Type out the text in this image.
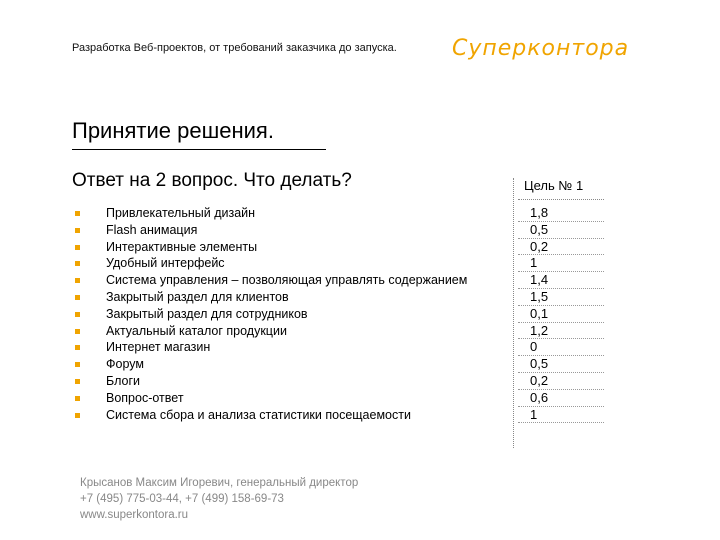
Разработка Веб-проектов, от требований заказчика до запуска.	Суперконтора
Принятие решения.
Ответ на 2 вопрос. Что делать?	Цель № 1
Привлекательный дизайн
Flash анимация
Интерактивные элементы
Удобный интерфейс
Система управления – позволяющая управлять содержанием
Закрытый раздел для клиентов
Закрытый раздел для сотрудников
Актуальный каталог продукции
Интернет магазин
Форум
Блоги
Вопрос-ответ
Система сбора и анализа статистики посещаемости
1,8
0,5
0,2
1
1,4
1,5
0,1
1,2
0
0,5
0,2
0,6
1
Крысанов Максим Игоревич, генеральный директор
+7 (495) 775-03-44, +7 (499) 158-69-73
www.superkontora.ru
